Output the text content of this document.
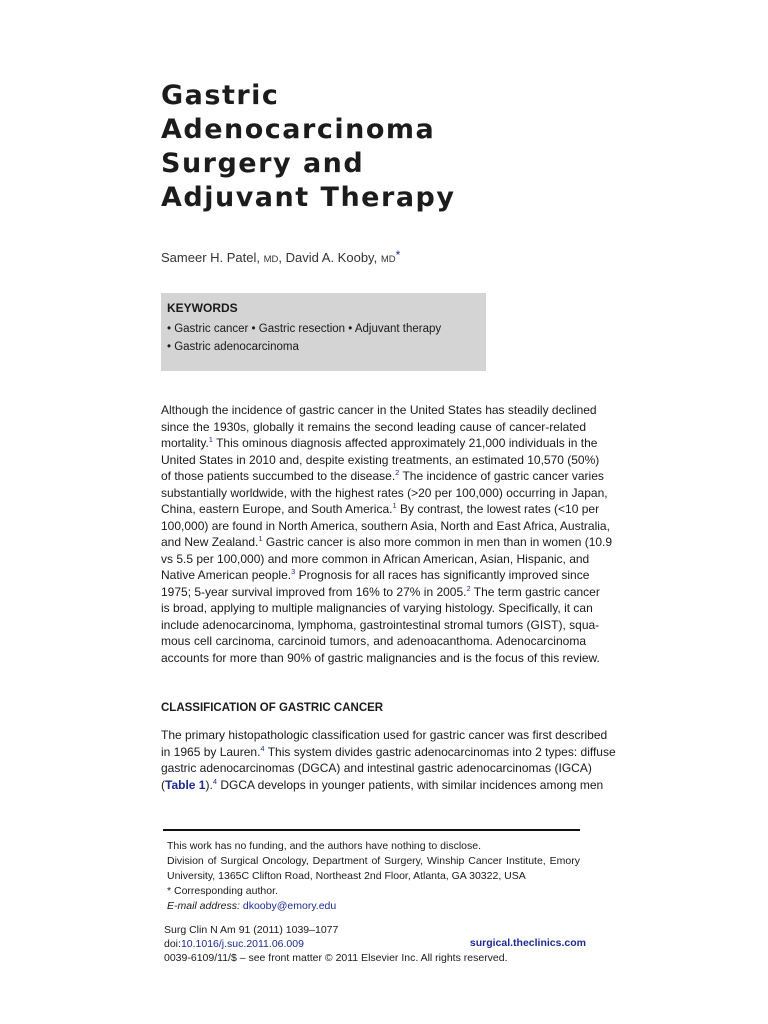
Gastric
Adenocarcinoma
Surgery and
Adjuvant Therapy
Sameer H. Patel, MD, David A. Kooby, MD*
KEYWORDS
• Gastric cancer • Gastric resection • Adjuvant therapy
• Gastric adenocarcinoma
Although the incidence of gastric cancer in the United States has steadily declined
since the 1930s, globally it remains the second leading cause of cancer-related
mortality.$^1$ This ominous diagnosis affected approximately 21,000 individuals in the
United States in 2010 and, despite existing treatments, an estimated 10,570 (50%)
of those patients succumbed to the disease.$^2$ The incidence of gastric cancer varies
substantially worldwide, with the highest rates (>20 per 100,000) occurring in Japan,
China, eastern Europe, and South America.$^1$ By contrast, the lowest rates (<10 per
100,000) are found in North America, southern Asia, North and East Africa, Australia,
and New Zealand.$^1$ Gastric cancer is also more common in men than in women (10.9
vs 5.5 per 100,000) and more common in African American, Asian, Hispanic, and
Native American people.$^3$ Prognosis for all races has significantly improved since
1975; 5-year survival improved from 16% to 27% in 2005.$^2$ The term gastric cancer
is broad, applying to multiple malignancies of varying histology. Specifically, it can
include adenocarcinoma, lymphoma, gastrointestinal stromal tumors (GIST), squa-
mous cell carcinoma, carcinoid tumors, and adenoacanthoma. Adenocarcinoma
accounts for more than 90% of gastric malignancies and is the focus of this review.
CLASSIFICATION OF GASTRIC CANCER
The primary histopathologic classification used for gastric cancer was first described
in 1965 by Lauren.$^4$ This system divides gastric adenocarcinomas into 2 types: diffuse
gastric adenocarcinomas (DGCA) and intestinal gastric adenocarcinomas (IGCA)
(Table 1).$^4$ DGCA develops in younger patients, with similar incidences among men
This work has no funding, and the authors have nothing to disclose.
Division of Surgical Oncology, Department of Surgery, Winship Cancer Institute, Emory
University, 1365C Clifton Road, Northeast 2nd Floor, Atlanta, GA 30322, USA
* Corresponding author.
E-mail address: dkooby@emory.edu
Surg Clin N Am 91 (2011) 1039–1077
doi:10.1016/j.suc.2011.06.009
0039-6109/11/$ – see front matter © 2011 Elsevier Inc. All rights reserved.
surgical.theclinics.com
